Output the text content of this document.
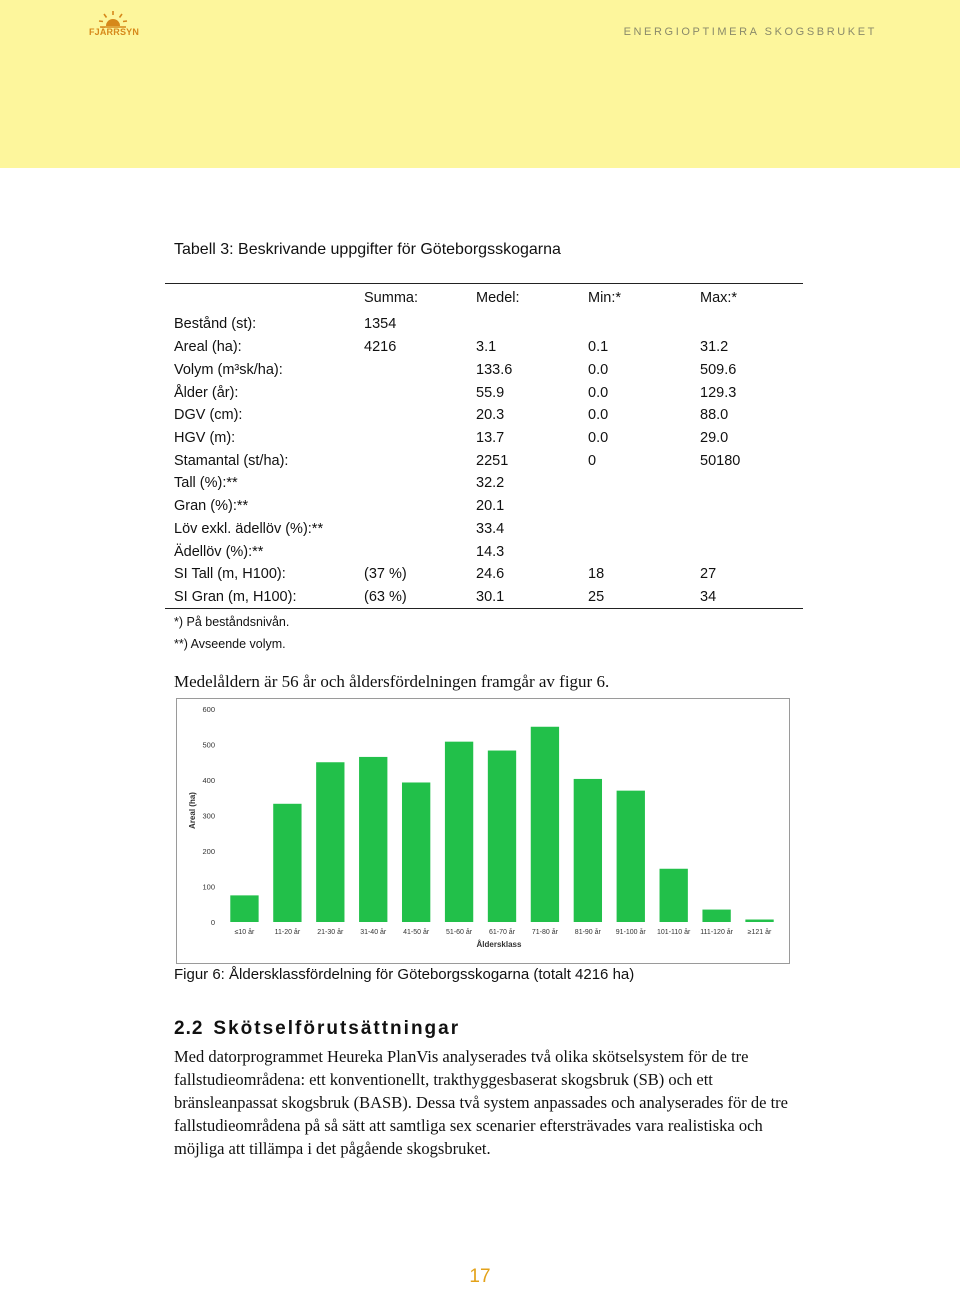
FJÄRRSYN	ENERGIOPTIMERA SKOGSBRUKET
Tabell 3: Beskrivande uppgifter för Göteborgsskogarna
	Summa:	Medel:	Min:*	Max:*
Bestånd (st):	1354			
Areal (ha):	4216	3.1	0.1	31.2
Volym (m³sk/ha):		133.6	0.0	509.6
Ålder (år):		55.9	0.0	129.3
DGV (cm):		20.3	0.0	88.0
HGV (m):		13.7	0.0	29.0
Stamantal (st/ha):		2251	0	50180
Tall (%):**		32.2		
Gran (%):**		20.1		
Löv exkl. ädellöv (%):**		33.4		
Ädellöv (%):**		14.3		
SI Tall (m, H100):	(37 %)	24.6	18	27
SI Gran (m, H100):	(63 %)	30.1	25	34
*) På beståndsnivån.
**) Avseende volym.
Medelåldern är 56 år och åldersfördelningen framgår av figur 6.
0
100
200
300
400
500
600
≤10 år	11-20 år 21-30 år 31-40 år 41-50 år 51-60 år 61-70 år 71-80 år 81-90 år 91-100 år 101-110 år 111-120 år ≥121 år
Åldersklass
Areal (ha)
Figur 6: Åldersklassfördelning för Göteborgsskogarna (totalt 4216 ha)
2.2 Skötselförutsättningar
Med datorprogrammet Heureka PlanVis analyserades två olika skötselsystem för de tre fallstudieområdena: ett konventionellt, trakthyggesbaserat skogsbruk (SB) och ett bränsleanpassat skogsbruk (BASB). Dessa två system anpassades och analyserades för de tre fallstudieområdena på så sätt att samtliga sex scenarier eftersträvades vara realistiska och möjliga att tillämpa i det pågående skogsbruket.
17
